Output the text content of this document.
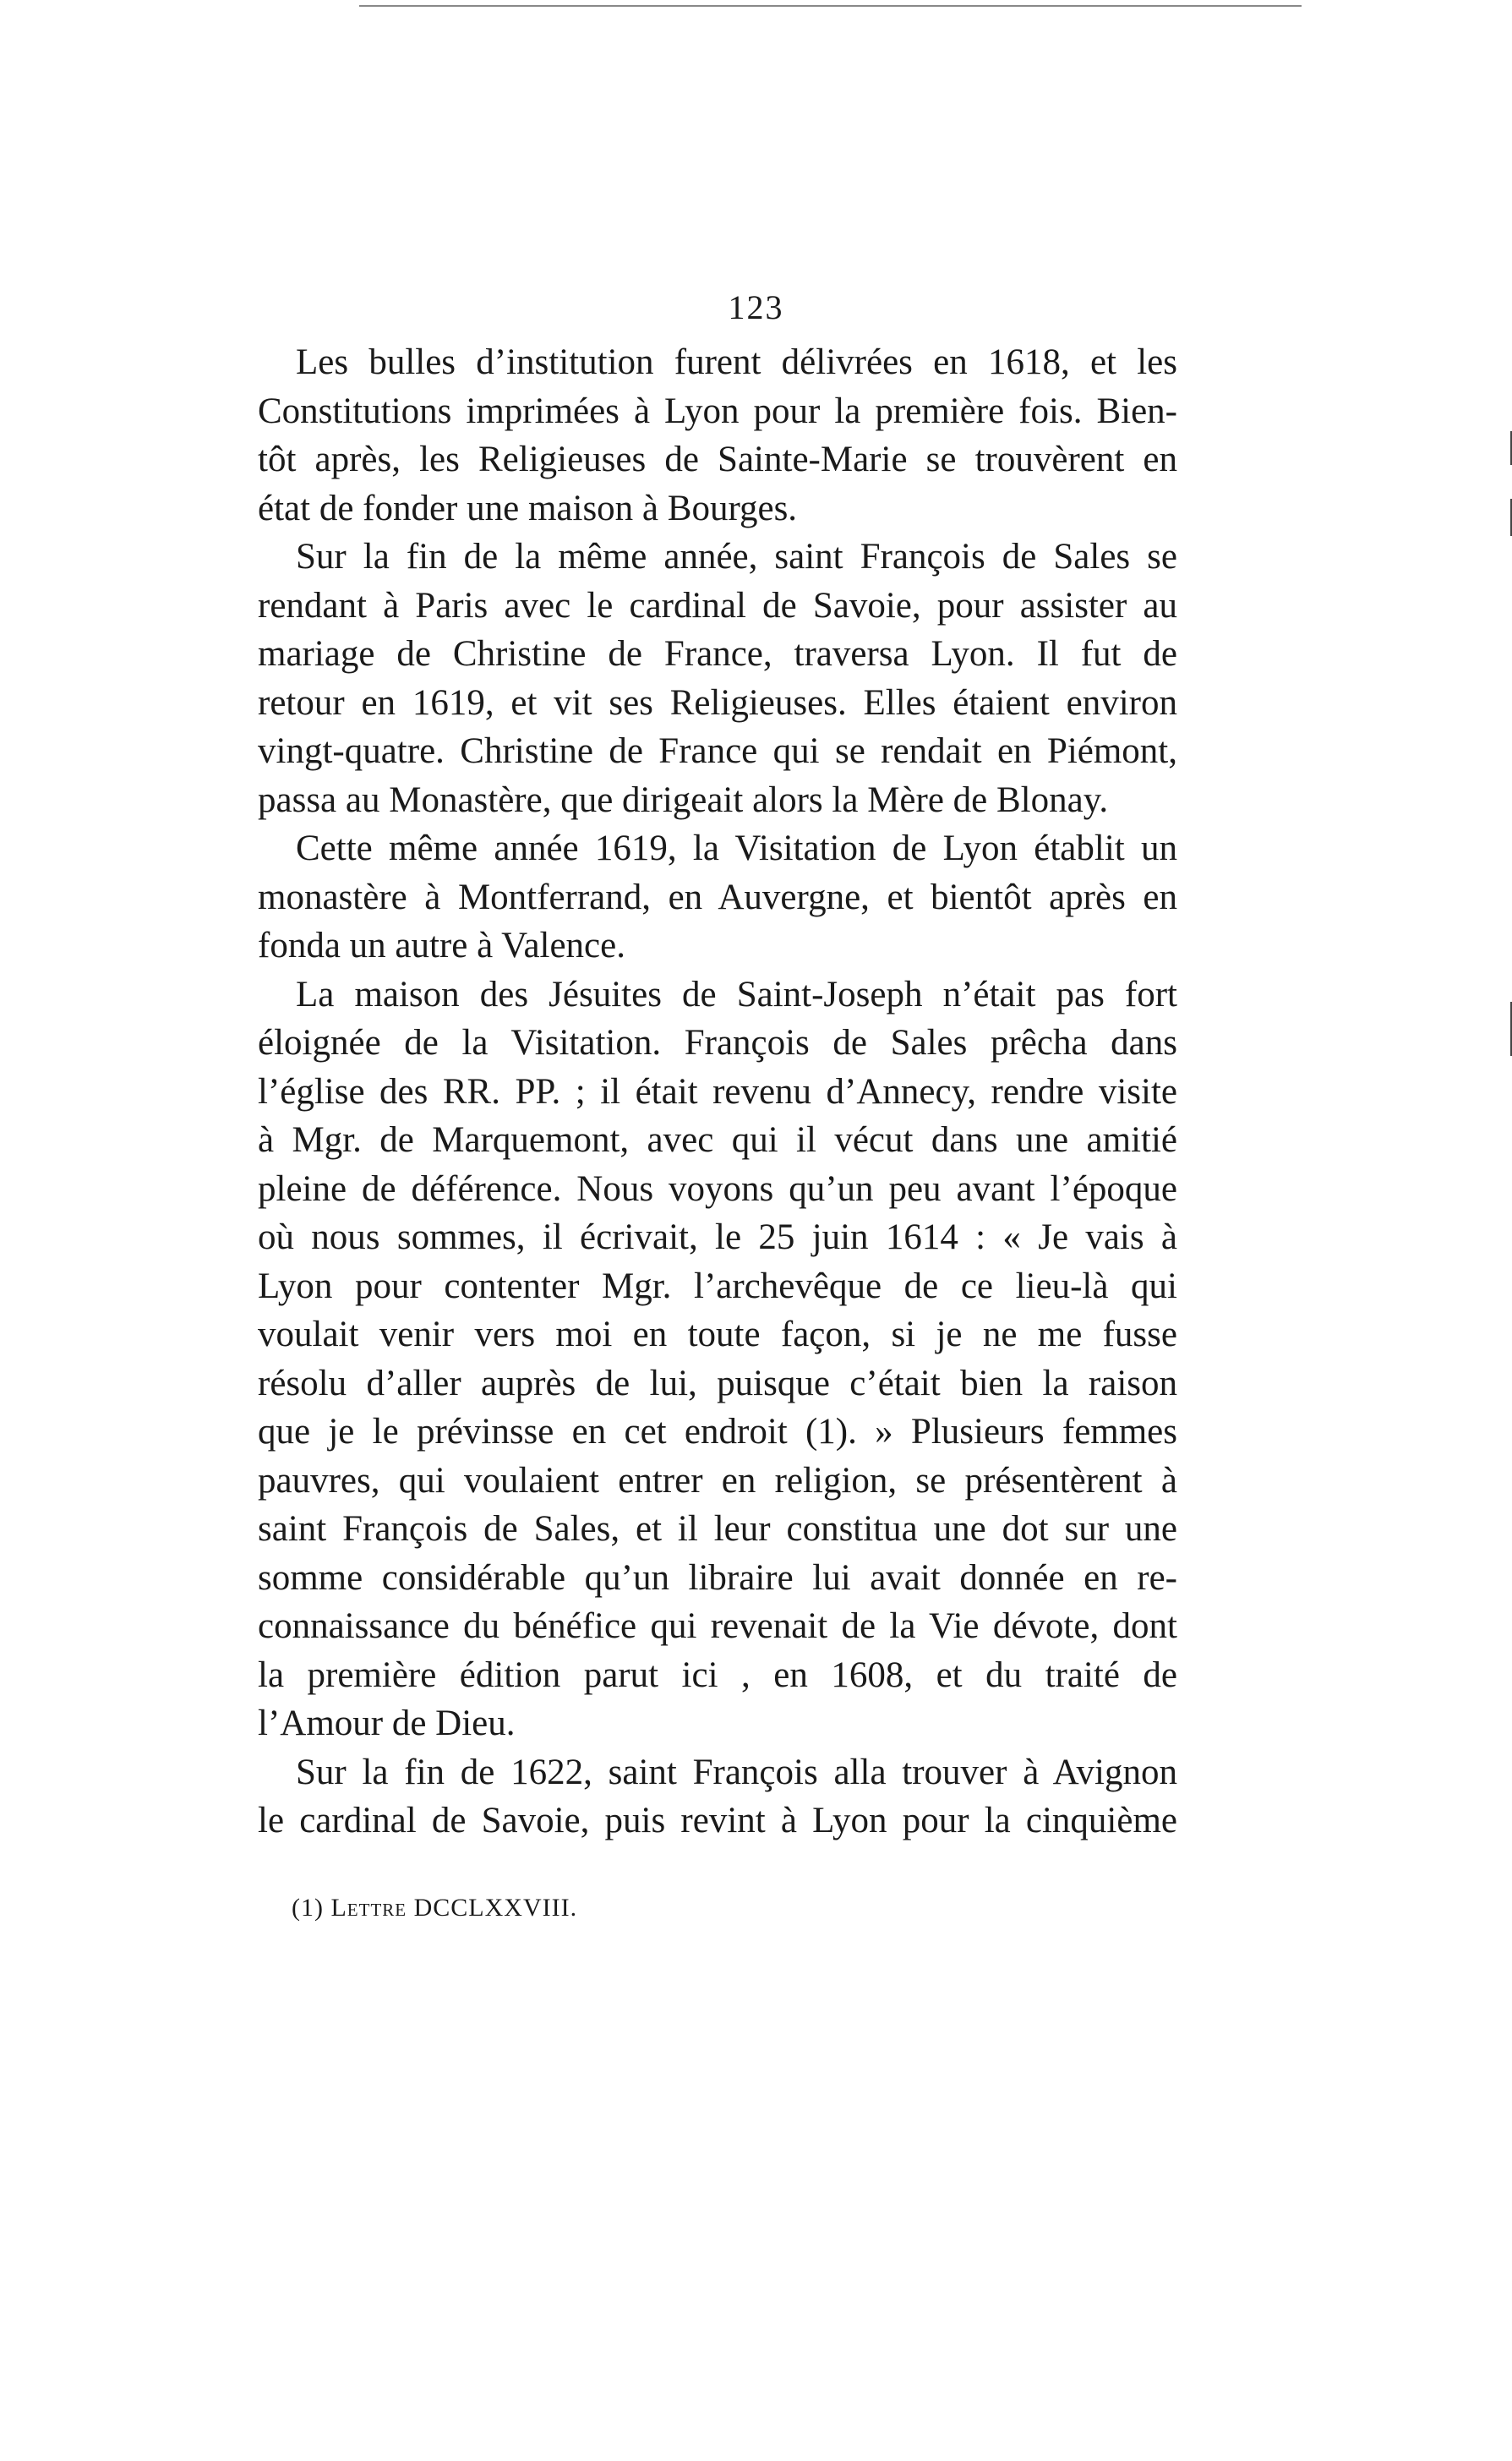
123
Les bulles d’institution furent délivrées en 1618, et les
Constitutions imprimées à Lyon pour la première fois. Bien-
tôt après, les Religieuses de Sainte-Marie se trouvèrent en
état de fonder une maison à Bourges.
Sur la fin de la même année, saint François de Sales se
rendant à Paris avec le cardinal de Savoie, pour assister au
mariage de Christine de France, traversa Lyon. Il fut de
retour en 1619, et vit ses Religieuses. Elles étaient environ
vingt-quatre. Christine de France qui se rendait en Piémont,
passa au Monastère, que dirigeait alors la Mère de Blonay.
Cette même année 1619, la Visitation de Lyon établit un
monastère à Montferrand, en Auvergne, et bientôt après en
fonda un autre à Valence.
La maison des Jésuites de Saint-Joseph n’était pas fort
éloignée de la Visitation. François de Sales prêcha dans
l’église des RR. PP. ; il était revenu d’Annecy, rendre visite
à Mgr. de Marquemont, avec qui il vécut dans une amitié
pleine de déférence. Nous voyons qu’un peu avant l’époque
où nous sommes, il écrivait, le 25 juin 1614 : « Je vais à
Lyon pour contenter Mgr. l’archevêque de ce lieu-là qui
voulait venir vers moi en toute façon, si je ne me fusse
résolu d’aller auprès de lui, puisque c’était bien la raison
que je le prévinsse en cet endroit (1). » Plusieurs femmes
pauvres, qui voulaient entrer en religion, se présentèrent à
saint François de Sales, et il leur constitua une dot sur une
somme considérable qu’un libraire lui avait donnée en re-
connaissance du bénéfice qui revenait de la Vie dévote, dont
la première édition parut ici , en 1608, et du traité de
l’Amour de Dieu.
Sur la fin de 1622, saint François alla trouver à Avignon
le cardinal de Savoie, puis revint à Lyon pour la cinquième
(1) Lettre DCCLXXVIII.
